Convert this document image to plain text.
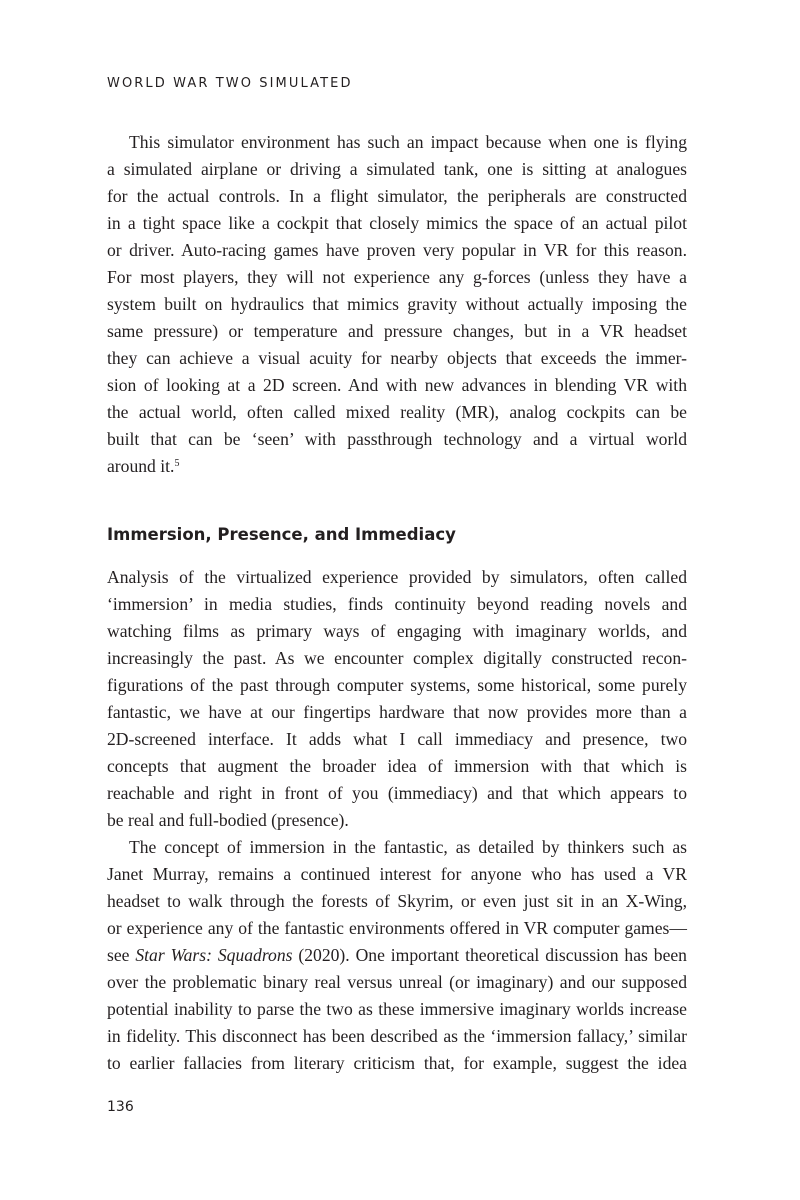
WORLD WAR TWO SIMULATED
This simulator environment has such an impact because when one is flying
a simulated airplane or driving a simulated tank, one is sitting at analogues
for the actual controls. In a flight simulator, the peripherals are constructed
in a tight space like a cockpit that closely mimics the space of an actual pilot
or driver. Auto-racing games have proven very popular in VR for this reason.
For most players, they will not experience any g-forces (unless they have a
system built on hydraulics that mimics gravity without actually imposing the
same pressure) or temperature and pressure changes, but in a VR headset
they can achieve a visual acuity for nearby objects that exceeds the immer-
sion of looking at a 2D screen. And with new advances in blending VR with
the actual world, often called mixed reality (MR), analog cockpits can be
built that can be ‘seen’ with passthrough technology and a virtual world
around it.$^5$
Immersion, Presence, and Immediacy
Analysis of the virtualized experience provided by simulators, often called
‘immersion’ in media studies, finds continuity beyond reading novels and
watching films as primary ways of engaging with imaginary worlds, and
increasingly the past. As we encounter complex digitally constructed recon-
figurations of the past through computer systems, some historical, some purely
fantastic, we have at our fingertips hardware that now provides more than a
2D-screened interface. It adds what I call immediacy and presence, two
concepts that augment the broader idea of immersion with that which is
reachable and right in front of you (immediacy) and that which appears to
be real and full-bodied (presence).
The concept of immersion in the fantastic, as detailed by thinkers such as
Janet Murray, remains a continued interest for anyone who has used a VR
headset to walk through the forests of Skyrim, or even just sit in an X-Wing,
or experience any of the fantastic environments offered in VR computer games—
see Star Wars: Squadrons (2020). One important theoretical discussion has been
over the problematic binary real versus unreal (or imaginary) and our supposed
potential inability to parse the two as these immersive imaginary worlds increase
in fidelity. This disconnect has been described as the ‘immersion fallacy,’ similar
to earlier fallacies from literary criticism that, for example, suggest the idea
136
